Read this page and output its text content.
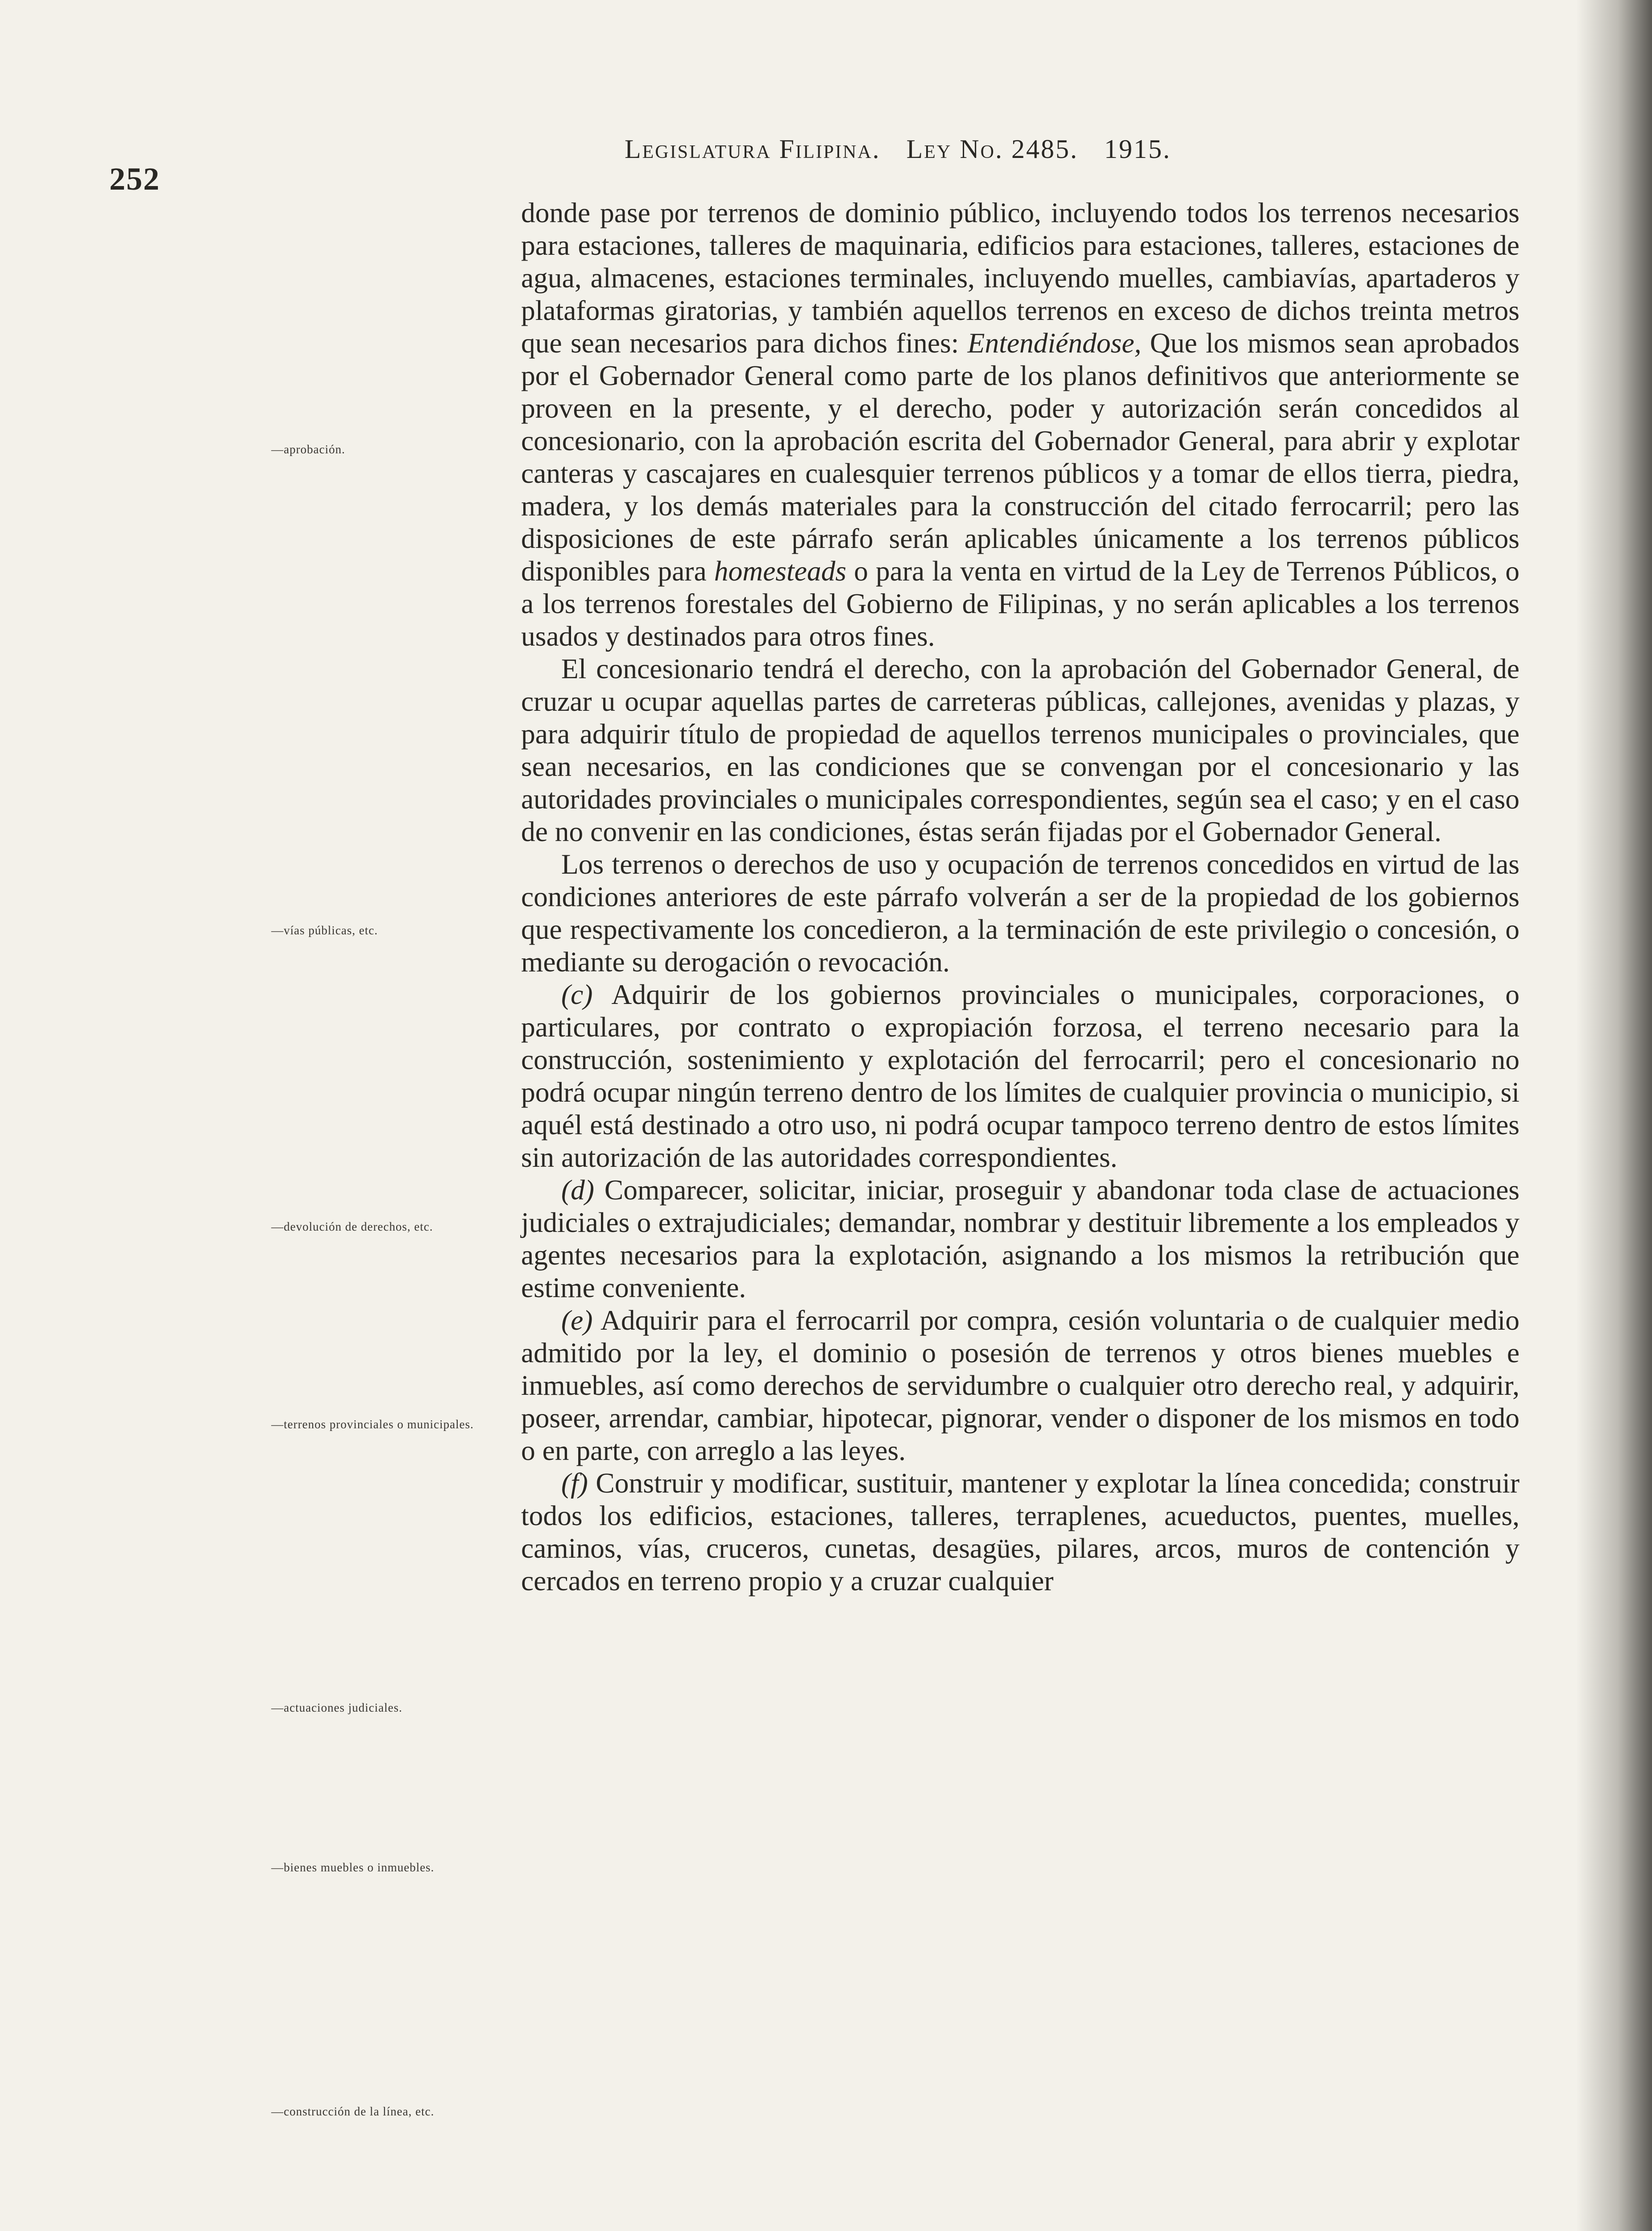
252
Legislatura Filipina. Ley No. 2485. 1915.
—aprobación.
—vías públicas, etc.
—devolución de derechos, etc.
—terrenos provinciales o municipales.
—actuaciones judiciales.
—bienes muebles o inmuebles.
—construcción de la línea, etc.

donde pase por terrenos de dominio público, incluyendo todos los terrenos necesarios para estaciones, talleres de maquinaria, edificios para estaciones, talleres, estaciones de agua, almacenes, estaciones terminales, incluyendo muelles, cambiavías, apartaderos y plataformas giratorias, y también aquellos terrenos en exceso de dichos treinta metros que sean necesarios para dichos fines: Entendiéndose, Que los mismos sean aprobados por el Gobernador General como parte de los planos definitivos que anteriormente se proveen en la presente, y el derecho, poder y autorización serán concedidos al concesionario, con la aprobación escrita del Gobernador General, para abrir y explotar canteras y cascajares en cualesquier terrenos públicos y a tomar de ellos tierra, piedra, madera, y los demás materiales para la construcción del citado ferrocarril; pero las disposiciones de este párrafo serán aplicables únicamente a los terrenos públicos disponibles para homesteads o para la venta en virtud de la Ley de Terrenos Públicos, o a los terrenos forestales del Gobierno de Filipinas, y no serán aplicables a los terrenos usados y destinados para otros fines.

El concesionario tendrá el derecho, con la aprobación del Gobernador General, de cruzar u ocupar aquellas partes de carreteras públicas, callejones, avenidas y plazas, y para adquirir título de propiedad de aquellos terrenos municipales o provinciales, que sean necesarios, en las condiciones que se convengan por el concesionario y las autoridades provinciales o municipales correspondientes, según sea el caso; y en el caso de no convenir en las condiciones, éstas serán fijadas por el Gobernador General.

Los terrenos o derechos de uso y ocupación de terrenos concedidos en virtud de las condiciones anteriores de este párrafo volverán a ser de la propiedad de los gobiernos que respectivamente los concedieron, a la terminación de este privilegio o concesión, o mediante su derogación o revocación.

(c) Adquirir de los gobiernos provinciales o municipales, corporaciones, o particulares, por contrato o expropiación forzosa, el terreno necesario para la construcción, sostenimiento y explotación del ferrocarril; pero el concesionario no podrá ocupar ningún terreno dentro de los límites de cualquier provincia o municipio, si aquél está destinado a otro uso, ni podrá ocupar tampoco terreno dentro de estos límites sin autorización de las autoridades correspondientes.

(d) Comparecer, solicitar, iniciar, proseguir y abandonar toda clase de actuaciones judiciales o extrajudiciales; demandar, nombrar y destituir libremente a los empleados y agentes necesarios para la explotación, asignando a los mismos la retribución que estime conveniente.

(e) Adquirir para el ferrocarril por compra, cesión voluntaria o de cualquier medio admitido por la ley, el dominio o posesión de terrenos y otros bienes muebles e inmuebles, así como derechos de servidumbre o cualquier otro derecho real, y adquirir, poseer, arrendar, cambiar, hipotecar, pignorar, vender o disponer de los mismos en todo o en parte, con arreglo a las leyes.

(f) Construir y modificar, sustituir, mantener y explotar la línea concedida; construir todos los edificios, estaciones, talleres, terraplenes, acueductos, puentes, muelles, caminos, vías, cruceros, cunetas, desagües, pilares, arcos, muros de contención y cercados en terreno propio y a cruzar cualquier
